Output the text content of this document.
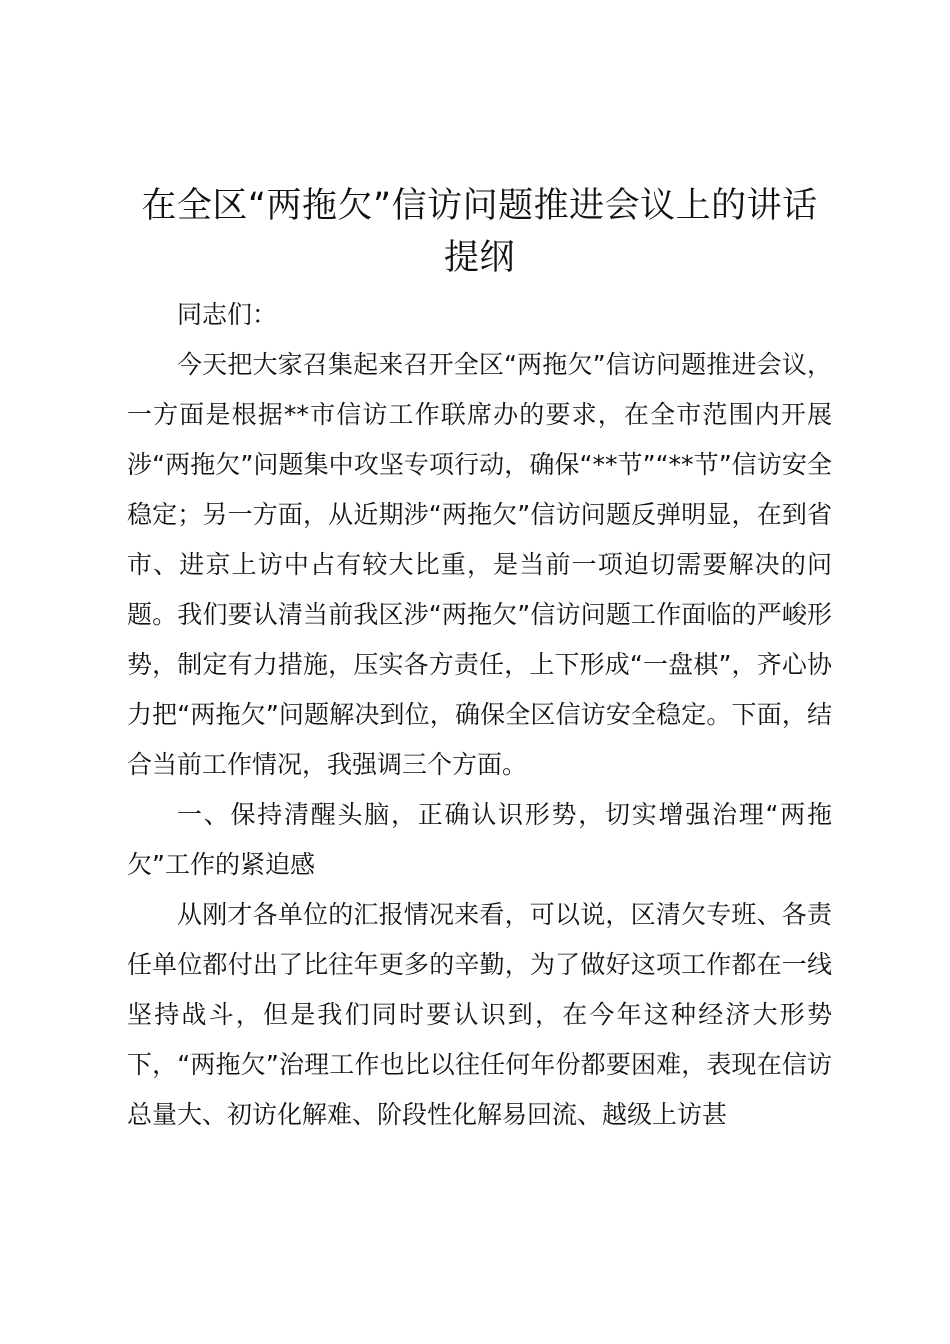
在全区“两拖欠”信访问题推进会议上的讲话提纲

同志们：

今天把大家召集起来召开全区“两拖欠”信访问题推进会议，一方面是根据**市信访工作联席办的要求，在全市范围内开展涉“两拖欠”问题集中攻坚专项行动，确保“**节”“**节”信访安全稳定；另一方面，从近期涉“两拖欠”信访问题反弹明显，在到省市、进京上访中占有较大比重，是当前一项迫切需要解决的问题。我们要认清当前我区涉“两拖欠”信访问题工作面临的严峻形势，制定有力措施，压实各方责任，上下形成“一盘棋”，齐心协力把“两拖欠”问题解决到位，确保全区信访安全稳定。下面，结合当前工作情况，我强调三个方面。

一、保持清醒头脑，正确认识形势，切实增强治理“两拖欠”工作的紧迫感

从刚才各单位的汇报情况来看，可以说，区清欠专班、各责任单位都付出了比往年更多的辛勤，为了做好这项工作都在一线坚持战斗，但是我们同时要认识到，在今年这种经济大形势下，“两拖欠”治理工作也比以往任何年份都要困难，表现在信访总量大、初访化解难、阶段性化解易回流、越级上访甚
